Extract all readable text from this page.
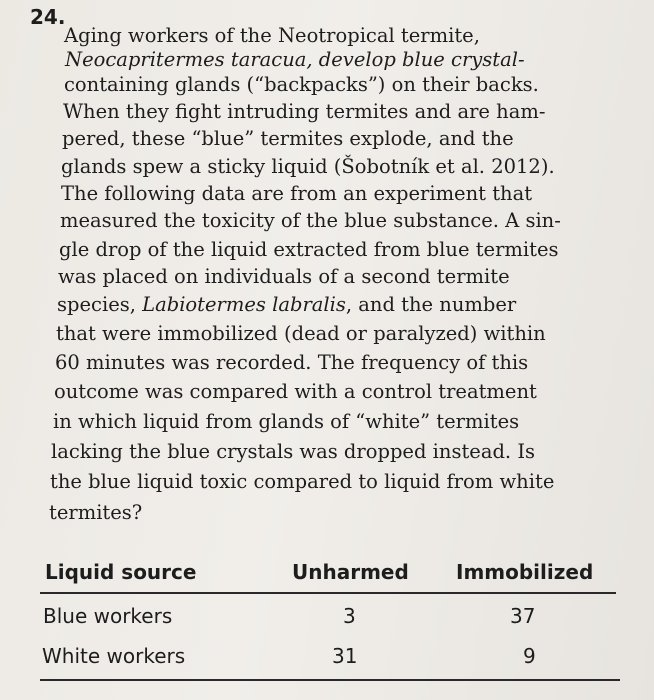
24.
Aging workers of the Neotropical termite,
Neocapritermes taracua, develop blue crystal-
containing glands (“backpacks”) on their backs.
When they fight intruding termites and are ham-
pered, these “blue” termites explode, and the
glands spew a sticky liquid (Šobotník et al. 2012).
The following data are from an experiment that
measured the toxicity of the blue substance. A sin-
gle drop of the liquid extracted from blue termites
was placed on individuals of a second termite
species, Labiotermes labralis, and the number
that were immobilized (dead or paralyzed) within
60 minutes was recorded. The frequency of this
outcome was compared with a control treatment
in which liquid from glands of “white” termites
lacking the blue crystals was dropped instead. Is
the blue liquid toxic compared to liquid from white
termites?
Liquid source	Unharmed Immobilized
Blue workers	3	37
White workers	31	9
